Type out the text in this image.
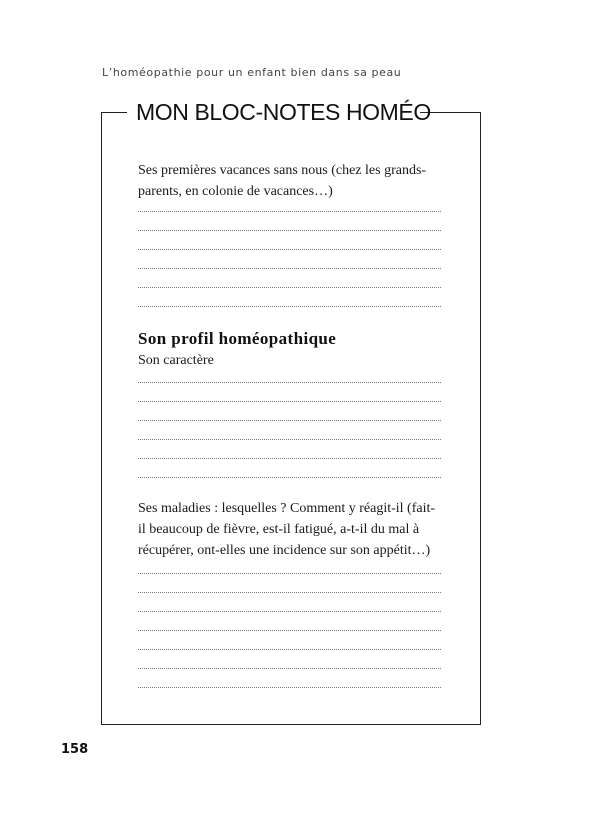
L’homéopathie pour un enfant bien dans sa peau
MON BLOC-NOTES HOMÉO
Ses premières vacances sans nous (chez les grands-parents, en colonie de vacances…)
Son profil homéopathique
Son caractère
Ses maladies : lesquelles ? Comment y réagit-il (fait-il beaucoup de fièvre, est-il fatigué, a-t-il du mal à récupérer, ont-elles une incidence sur son appétit…)
158
